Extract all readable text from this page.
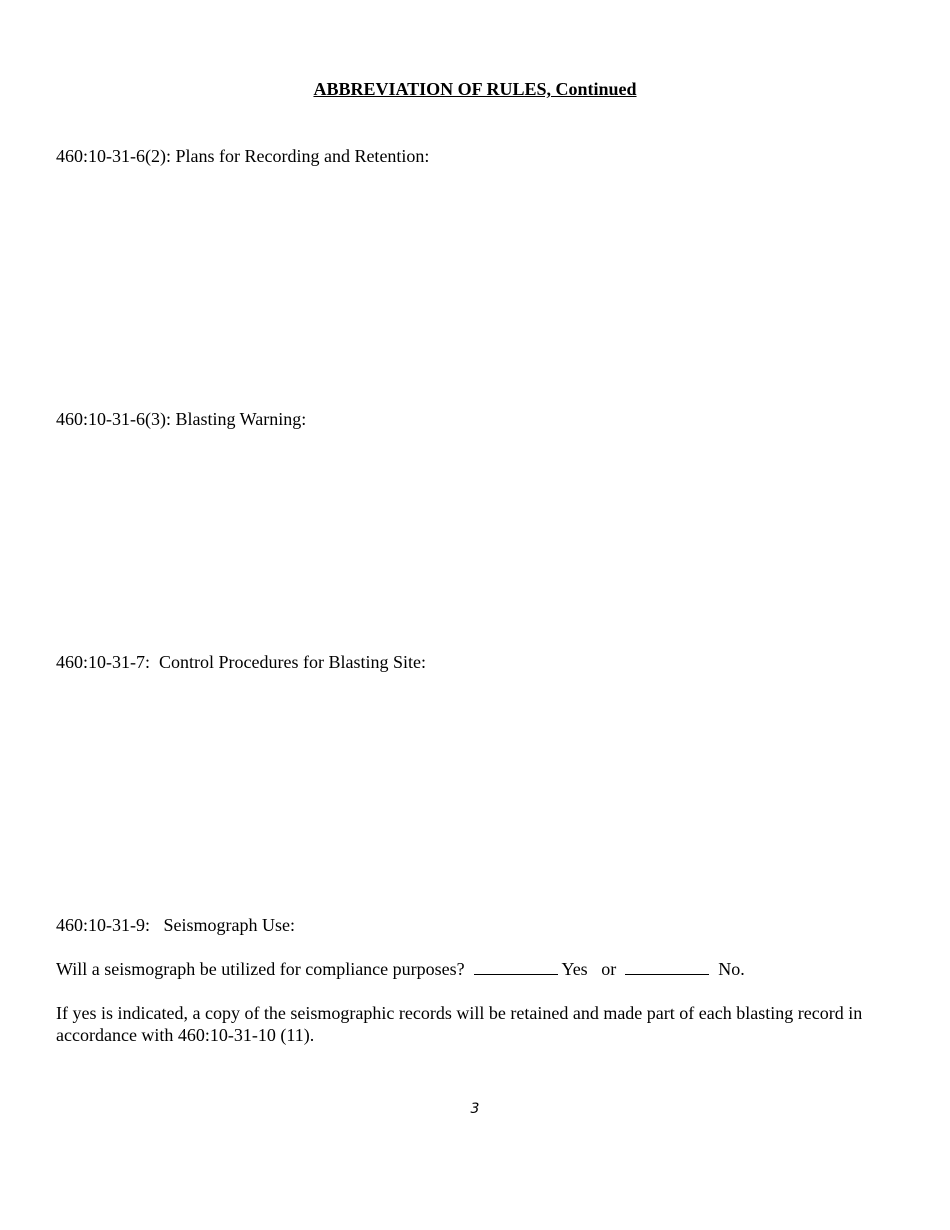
ABBREVIATION OF RULES, Continued
460:10-31-6(2): Plans for Recording and Retention:
460:10-31-6(3): Blasting Warning:
460:10-31-7:  Control Procedures for Blasting Site:
460:10-31-9:   Seismograph Use:
Will a seismograph be utilized for compliance purposes?	Yes or	No.
If yes is indicated, a copy of the seismographic records will be retained and made part of each blasting record in accordance with 460:10-31-10 (11).
3
